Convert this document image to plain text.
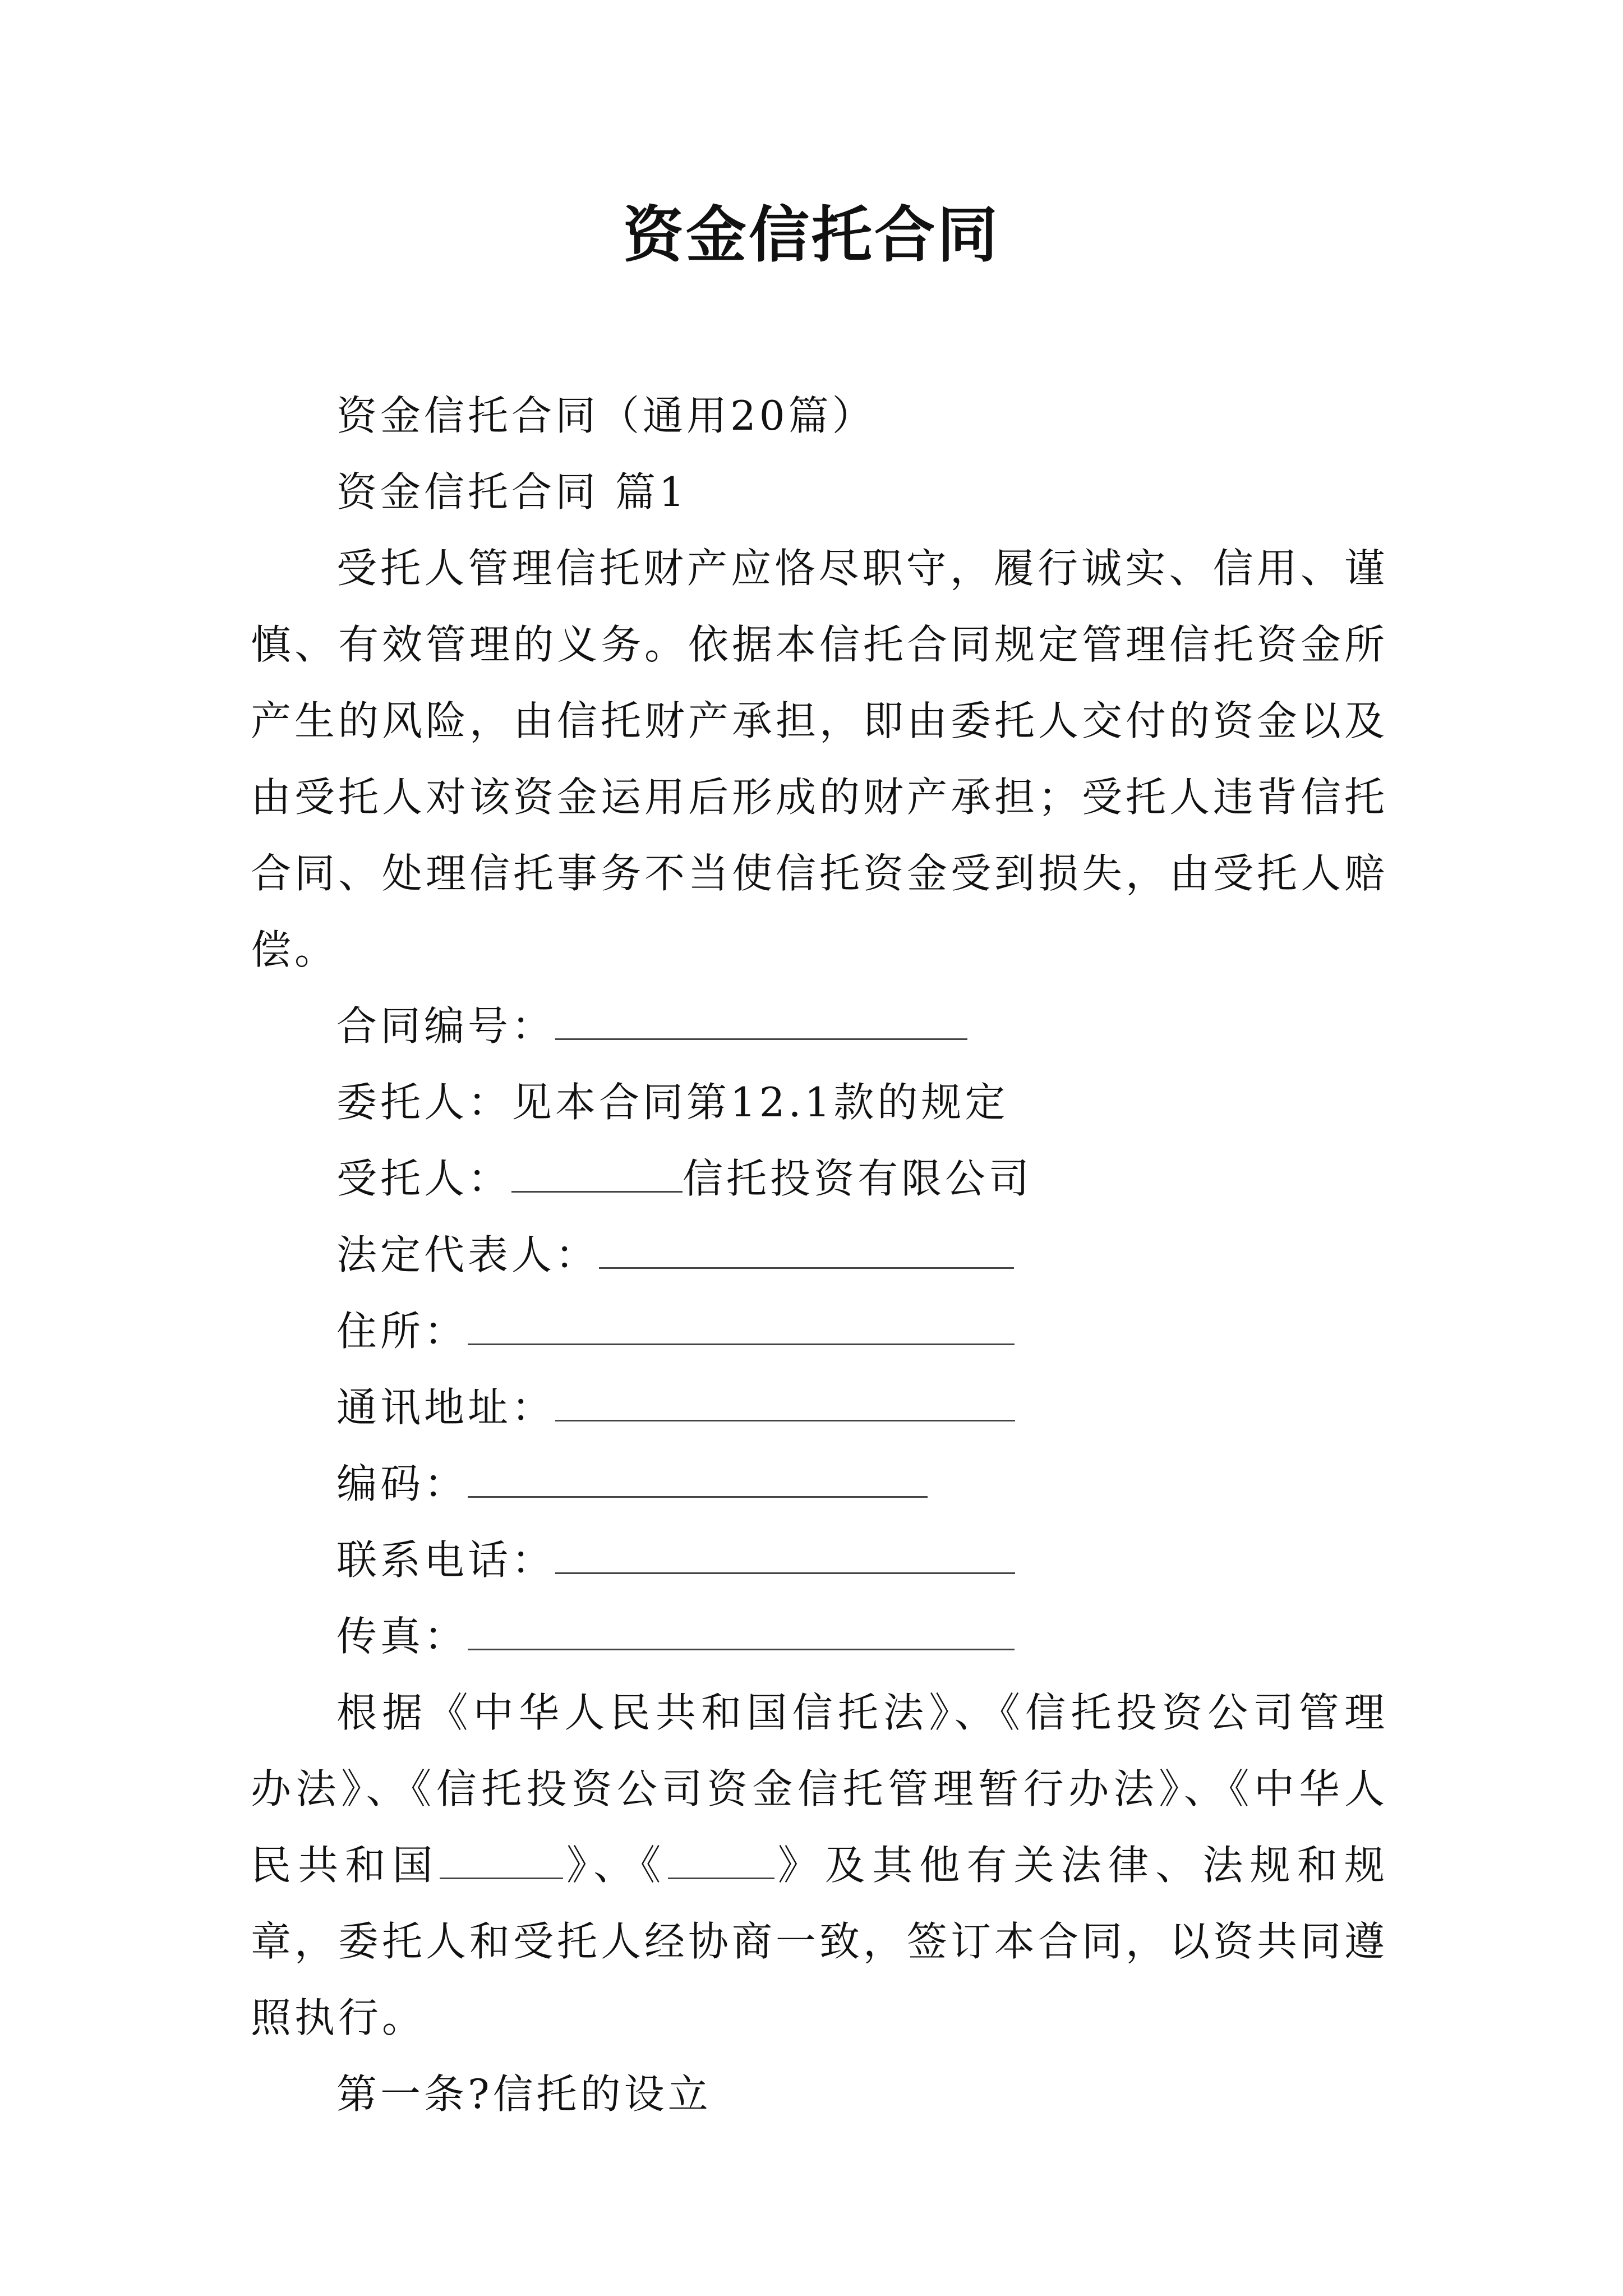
资金信托合同

资金信托合同（通用20篇）

资金信托合同 篇1

受托人管理信托财产应恪尽职守，履行诚实、信用、谨慎、有效管理的义务。依据本信托合同规定管理信托资金所产生的风险，由信托财产承担，即由委托人交付的资金以及由受托人对该资金运用后形成的财产承担；受托人违背信托合同、处理信托事务不当使信托资金受到损失，由受托人赔偿。

合同编号：

委托人：见本合同第12.1款的规定

受托人：	信托投资有限公司

法定代表人：

住所：

通讯地址：

编码：

联系电话：

传真：

根据《中华人民共和国信托法》、《信托投资公司管理办法》、《信托投资公司资金信托管理暂行办法》、《中华人民共和国	》、《	》及其他有关法律、法规和规章，委托人和受托人经协商一致，签订本合同，以资共同遵照执行。

第一条?信托的设立
